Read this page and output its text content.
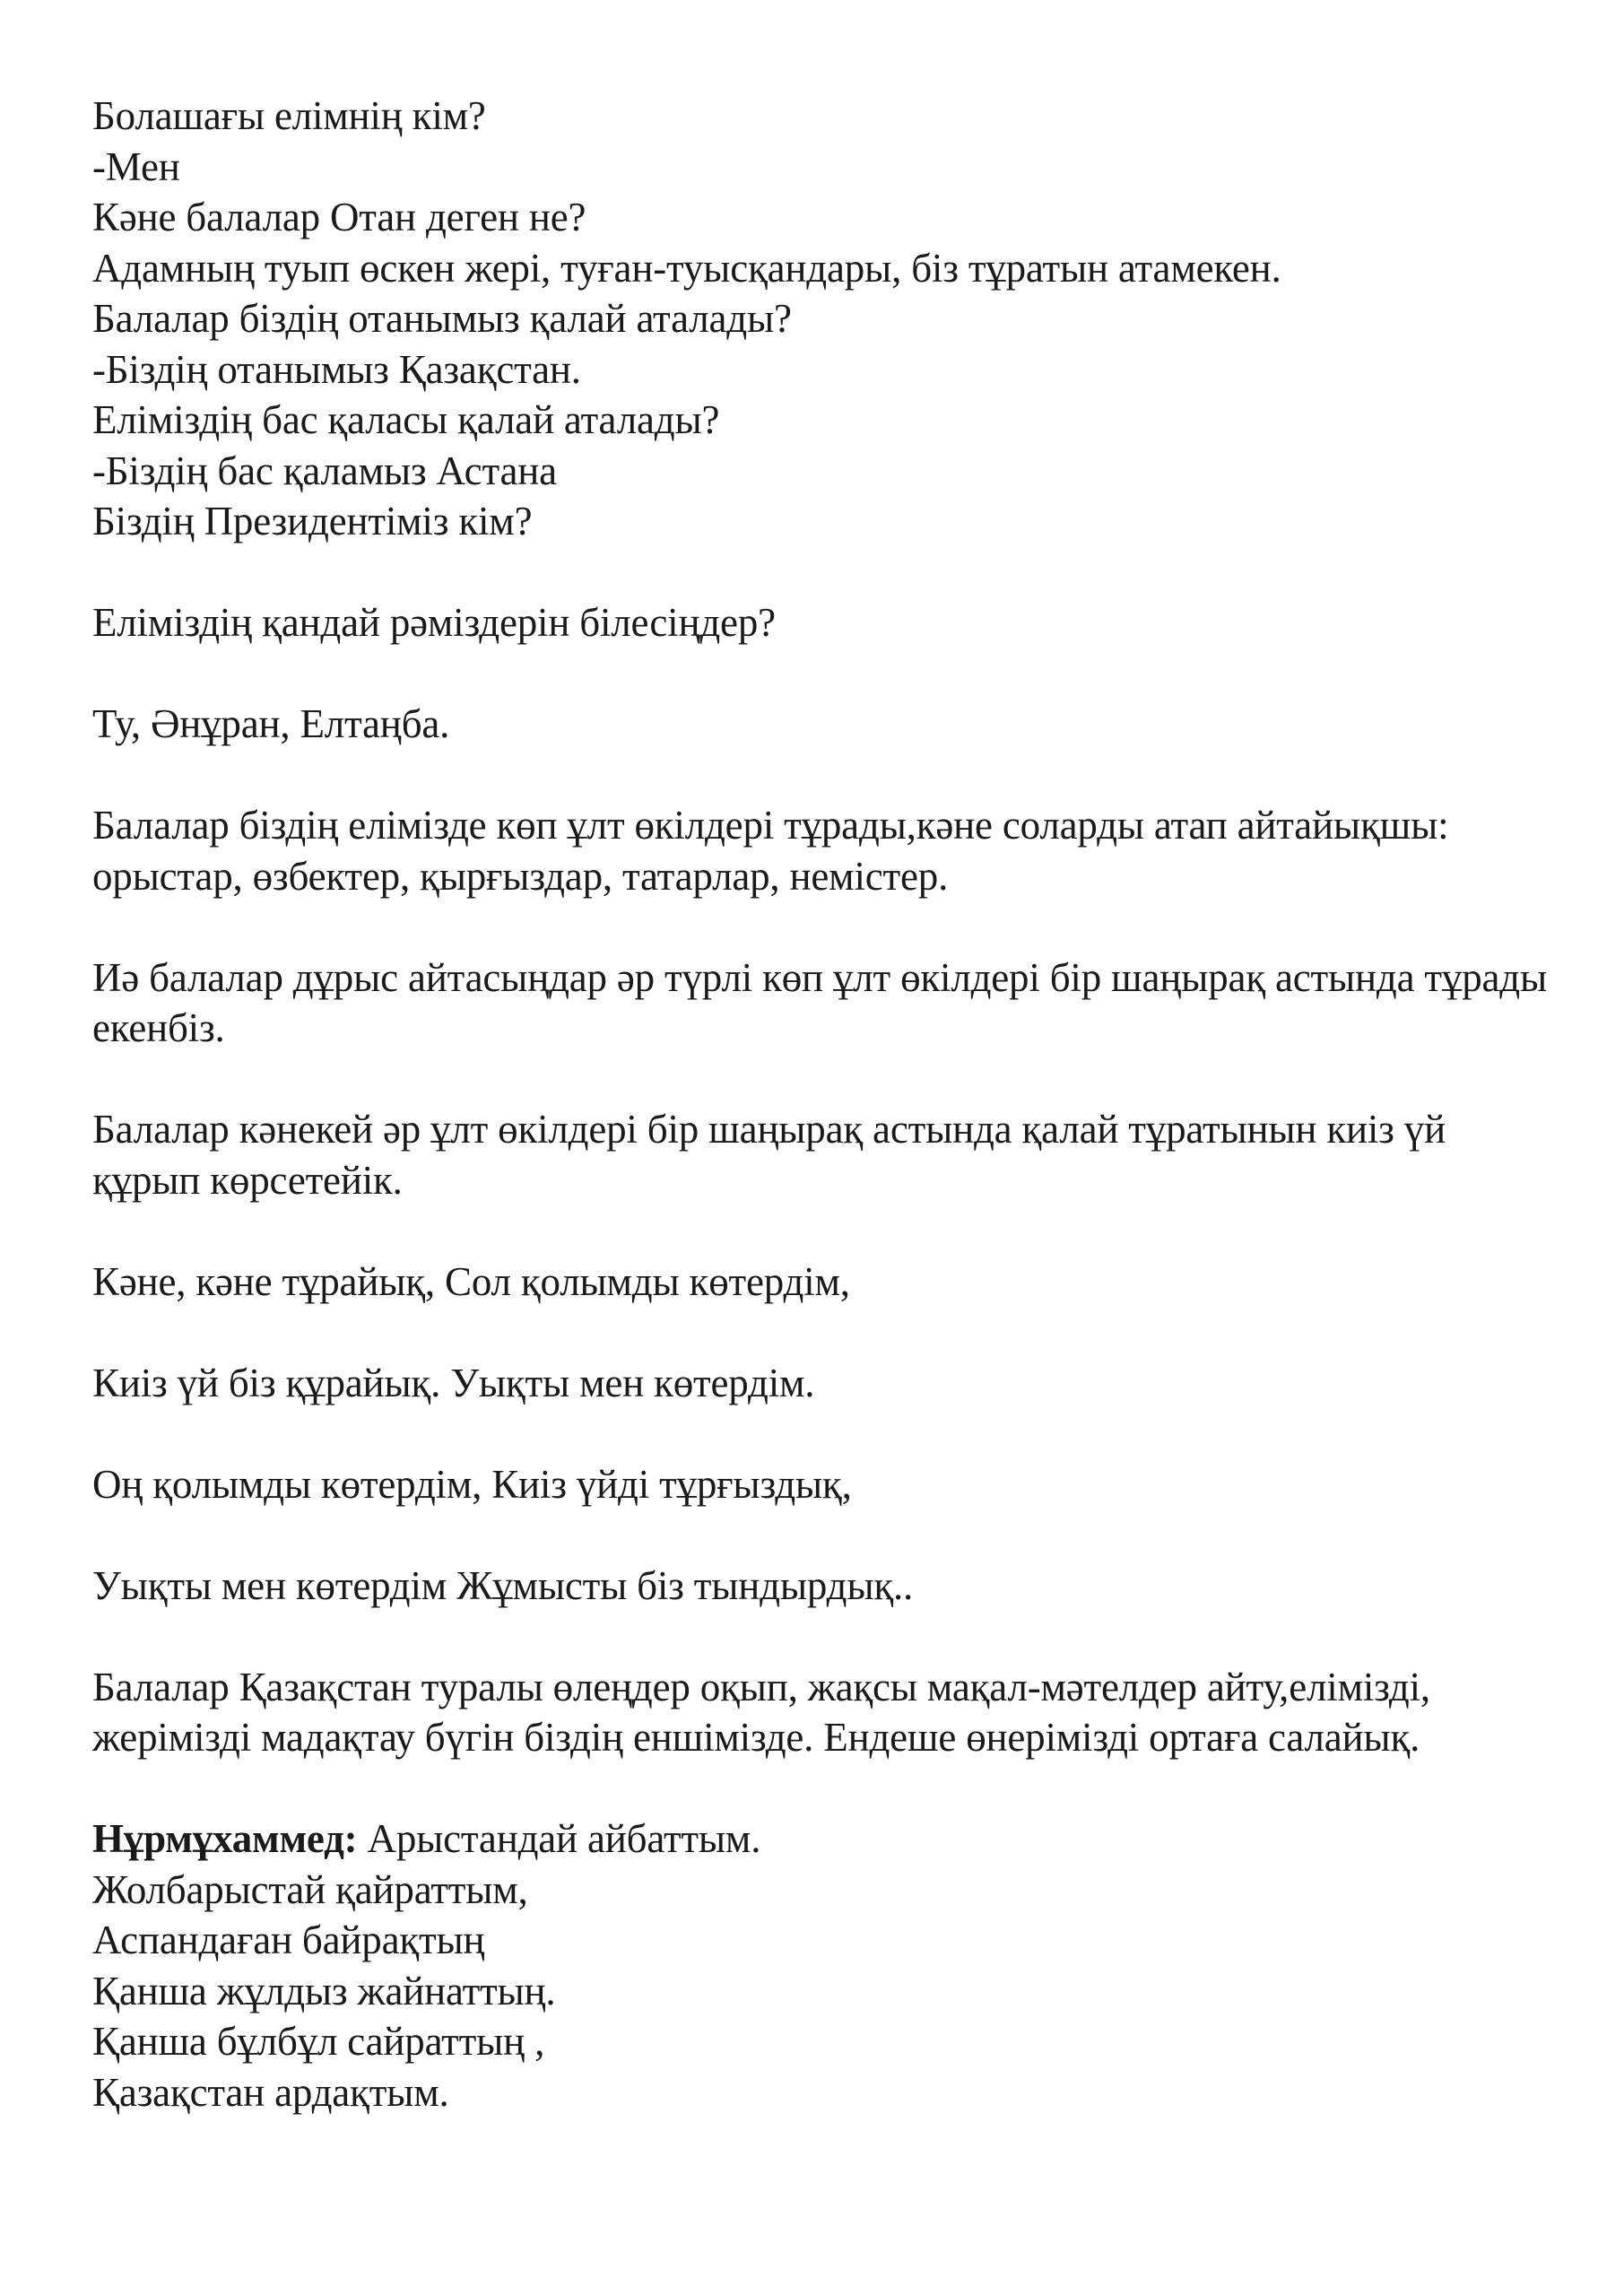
Болашағы елімнің кім?

-Мен

Кәне балалар Отан деген не?

Адамның туып өскен жері, туған-туысқандары, біз тұратын атамекен.

Балалар біздің отанымыз қалай аталады?

-Біздің отанымыз Қазақстан.

Еліміздің бас қаласы қалай аталады?

-Біздің бас қаламыз Астана

Біздің Президентіміз кім?

Еліміздің қандай рәміздерін білесіңдер?

Ту, Әнұран, Елтаңба.

Балалар біздің елімізде көп ұлт өкілдері тұрады,кәне соларды атап айтайықшы:

орыстар, өзбектер, қырғыздар, татарлар, немістер.

Иә балалар дұрыс айтасыңдар әр түрлі көп ұлт өкілдері бір шаңырақ астында тұрады

екенбіз.

Балалар кәнекей әр ұлт өкілдері бір шаңырақ астында қалай тұратынын киіз үй

құрып көрсетейік.

Кәне, кәне тұрайық, Сол қолымды көтердім,

Киіз үй біз құрайық. Уықты мен көтердім.

Оң қолымды көтердім, Киіз үйді тұрғыздық,

Уықты мен көтердім Жұмысты біз тындырдық..

Балалар Қазақстан туралы өлеңдер оқып, жақсы мақал-мәтелдер айту,елімізді,

жерімізді мадақтау бүгін біздің еншімізде. Ендеше өнерімізді ортаға салайық.

Нұрмұхаммед: Арыстандай айбаттым.

Жолбарыстай қайраттым,

Аспандаған байрақтың

Қанша жұлдыз жайнаттың.

Қанша бұлбұл сайраттың ,

Қазақстан ардақтым.
